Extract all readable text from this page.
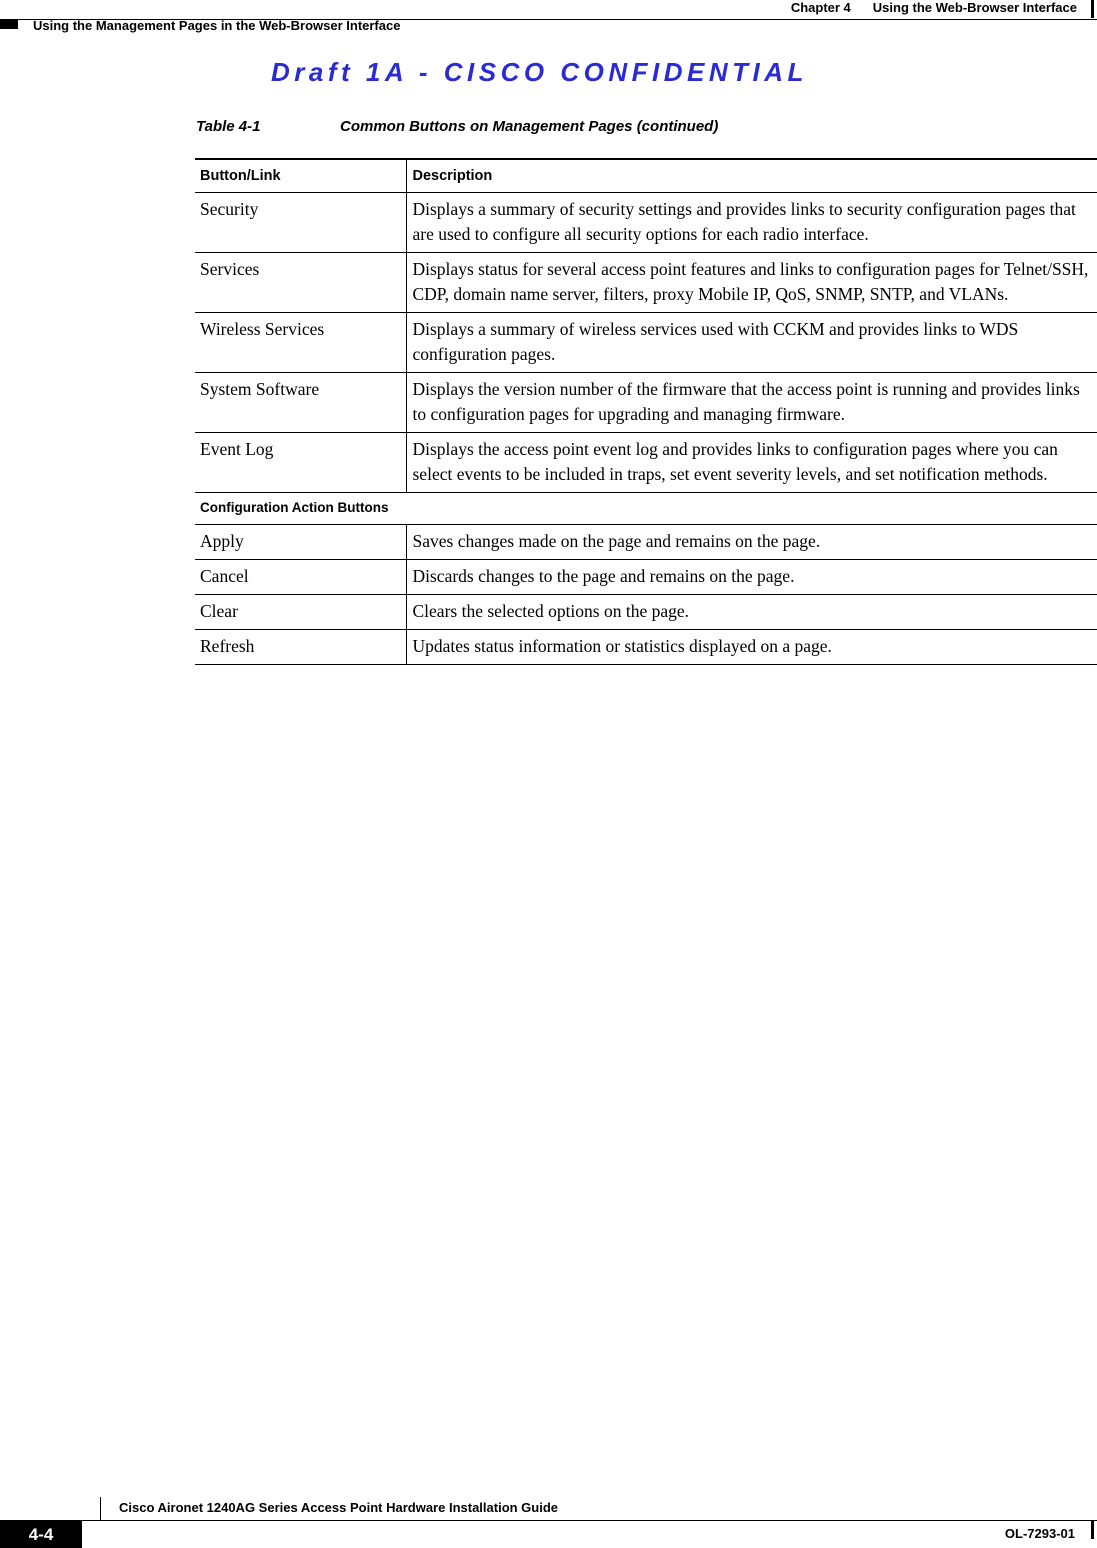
Chapter 4 Using the Web-Browser Interface
Using the Management Pages in the Web-Browser Interface
Draft 1A - CISCO CONFIDENTIAL
Table 4-1	Common Buttons on Management Pages (continued)
Button/Link	Description
Security	Displays a summary of security settings and provides links to security configuration pages that are used to configure all security options for each radio interface.
Services	Displays status for several access point features and links to configuration pages for Telnet/SSH, CDP, domain name server, filters, proxy Mobile IP, QoS, SNMP, SNTP, and VLANs.
Wireless Services	Displays a summary of wireless services used with CCKM and provides links to WDS configuration pages.
System Software	Displays the version number of the firmware that the access point is running and provides links to configuration pages for upgrading and managing firmware.
Event Log	Displays the access point event log and provides links to configuration pages where you can select events to be included in traps, set event severity levels, and set notification methods.
Configuration Action Buttons	
Apply	Saves changes made on the page and remains on the page.
Cancel	Discards changes to the page and remains on the page.
Clear	Clears the selected options on the page.
Refresh	Updates status information or statistics displayed on a page.
Cisco Aironet 1240AG Series Access Point Hardware Installation Guide
4-4	OL-7293-01
